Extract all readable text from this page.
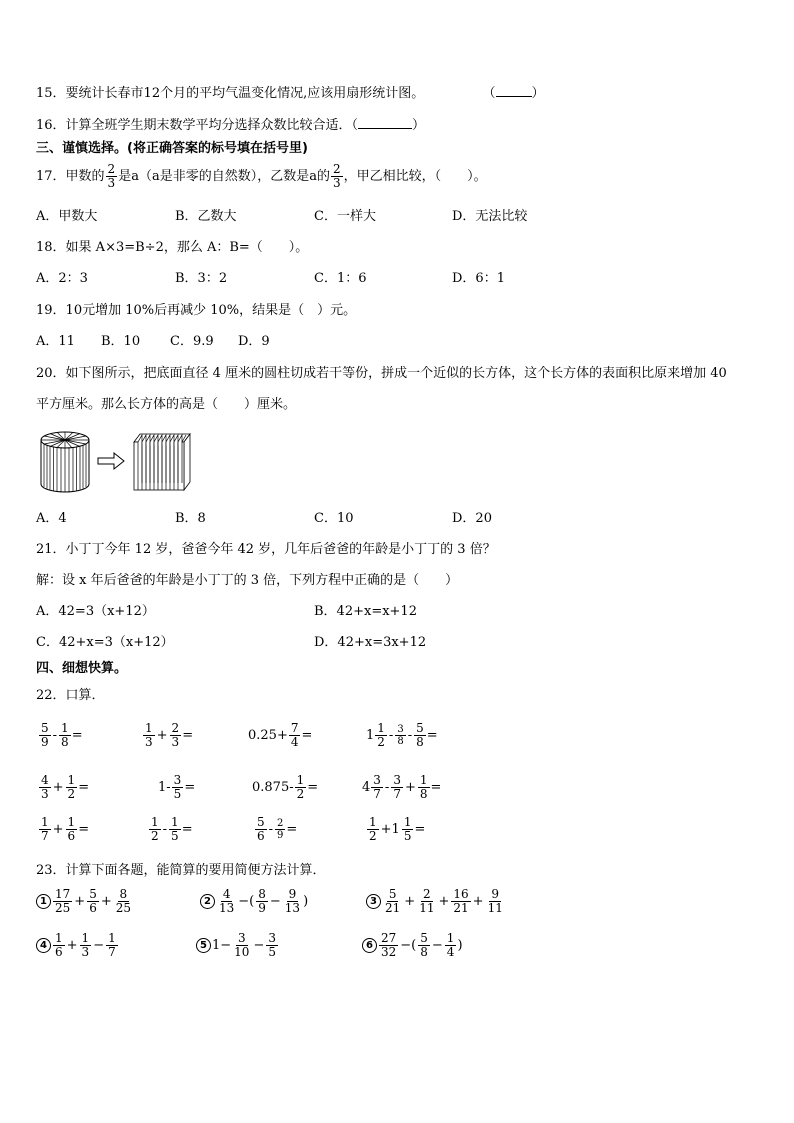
15．要统计长春市12个月的平均气温变化情况,应该用扇形统计图。	（	）
16．计算全班学生期末数学平均分选择众数比较合适．（	）
三、谨慎选择。(将正确答案的标号填在括号里)
17．甲数的 $\frac{2}{3}$ 是a（a是非零的自然数），乙数是a的 $\frac{2}{3}$ ，甲乙相比较，（　　）。
A．甲数大	B．乙数大	C．一样大	D．无法比较
18．如果 A×3=B÷2，那么 A：B=（　　）。
A．2：3	B．3：2	C．1：6	D．6：1
19．10元增加 10%后再减少 10%，结果是（　）元。
A．11 B．10 C．9.9 D．9
20．如下图所示，把底面直径 4 厘米的圆柱切成若干等份，拼成一个近似的长方体，这个长方体的表面积比原来增加 40
平方厘米。那么长方体的高是（　　）厘米。
A．4	B．8	C．10	D．20
21．小丁丁今年 12 岁，爸爸今年 42 岁，几年后爸爸的年龄是小丁丁的 3 倍？
解：设 x 年后爸爸的年龄是小丁丁的 3 倍，下列方程中正确的是（　　）
A．42=3（x+12）	B．42+x=x+12
C．42+x=3（x+12）	D．42+x=3x+12
四、细想快算。
22．口算．
$\frac{5}{9} - \frac{1}{8}$ =	$\frac{1}{3} + \frac{2}{3}$ =	$0.25+ \frac{7}{4}$ =	$1 \frac{1}{2} - \frac{3}{8} - \frac{5}{8}$ =
$\frac{4}{3} + \frac{1}{2}$ =	$1- \frac{3}{5}$ =	$0.875- \frac{1}{2}$ =	$4 \frac{3}{7} - \frac{3}{7} + \frac{1}{8}$ =
$\frac{1}{7} + \frac{1}{6}$ =	$\frac{1}{2} - \frac{1}{5}$ =	$\frac{5}{6} - \frac{2}{9}$ =	$\frac{1}{2} +1 \frac{1}{5}$ =
23．计算下面各题，能简算的要用简便方法计算．
$1 \frac{17}{25} + \frac{5}{6} + \frac{8}{25}$	$2 \frac{4}{13}$ −( $\frac{8}{9} - \frac{9}{13}$ )	$3 \frac{5}{21} + \frac{2}{11} + \frac{16}{21} + \frac{9}{11}$
$4 \frac{1}{6} + \frac{1}{3} - \frac{1}{7}$	5 $1- \frac{3}{10} - \frac{3}{5}$	$6 \frac{27}{32}$ −( $\frac{5}{8} - \frac{1}{4}$ )
